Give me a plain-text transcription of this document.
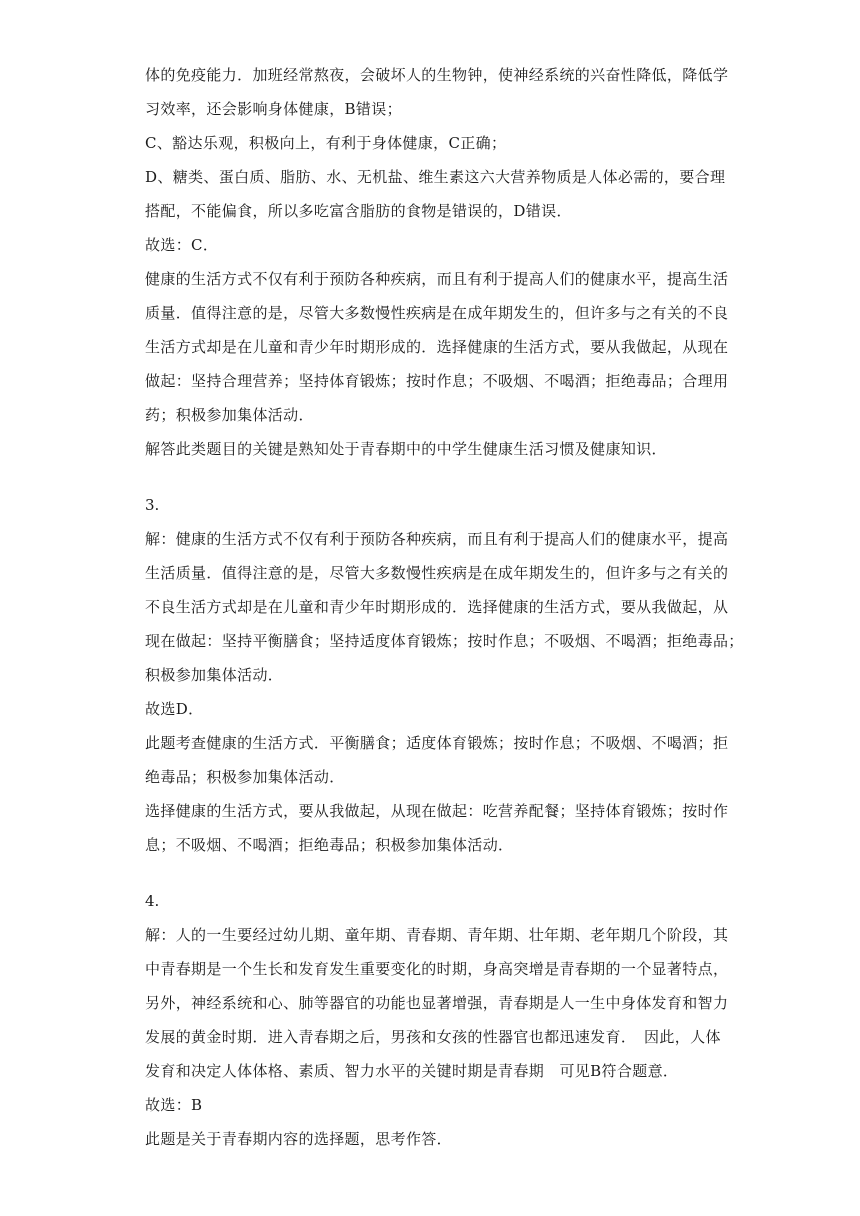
体的免疫能力．加班经常熬夜，会破坏人的生物钟，使神经系统的兴奋性降低，降低学
习效率，还会影响身体健康，B错误；
C、豁达乐观，积极向上，有利于身体健康，C正确；
D、糖类、蛋白质、脂肪、水、无机盐、维生素这六大营养物质是人体必需的，要合理
搭配，不能偏食，所以多吃富含脂肪的食物是错误的，D错误．
故选：C．
健康的生活方式不仅有利于预防各种疾病，而且有利于提高人们的健康水平，提高生活
质量．值得注意的是，尽管大多数慢性疾病是在成年期发生的，但许多与之有关的不良
生活方式却是在儿童和青少年时期形成的．选择健康的生活方式，要从我做起，从现在
做起：坚持合理营养；坚持体育锻炼；按时作息；不吸烟、不喝酒；拒绝毒品；合理用
药；积极参加集体活动．
解答此类题目的关键是熟知处于青春期中的中学生健康生活习惯及健康知识．
3.
解：健康的生活方式不仅有利于预防各种疾病，而且有利于提高人们的健康水平，提高
生活质量．值得注意的是，尽管大多数慢性疾病是在成年期发生的，但许多与之有关的
不良生活方式却是在儿童和青少年时期形成的．选择健康的生活方式，要从我做起，从
现在做起：坚持平衡膳食；坚持适度体育锻炼；按时作息；不吸烟、不喝酒；拒绝毒品；
积极参加集体活动．
故选D．
此题考查健康的生活方式．平衡膳食；适度体育锻炼；按时作息；不吸烟、不喝酒；拒
绝毒品；积极参加集体活动．
选择健康的生活方式，要从我做起，从现在做起：吃营养配餐；坚持体育锻炼；按时作
息；不吸烟、不喝酒；拒绝毒品；积极参加集体活动．
4.
解：人的一生要经过幼儿期、童年期、青春期、青年期、壮年期、老年期几个阶段，其
中青春期是一个生长和发育发生重要变化的时期，身高突增是青春期的一个显著特点，
另外，神经系统和心、肺等器官的功能也显著增强，青春期是人一生中身体发育和智力
发展的黄金时期．进入青春期之后，男孩和女孩的性器官也都迅速发育．　因此，人体
发育和决定人体体格、素质、智力水平的关键时期是青春期　可见B符合题意．
故选：B
此题是关于青春期内容的选择题，思考作答．
